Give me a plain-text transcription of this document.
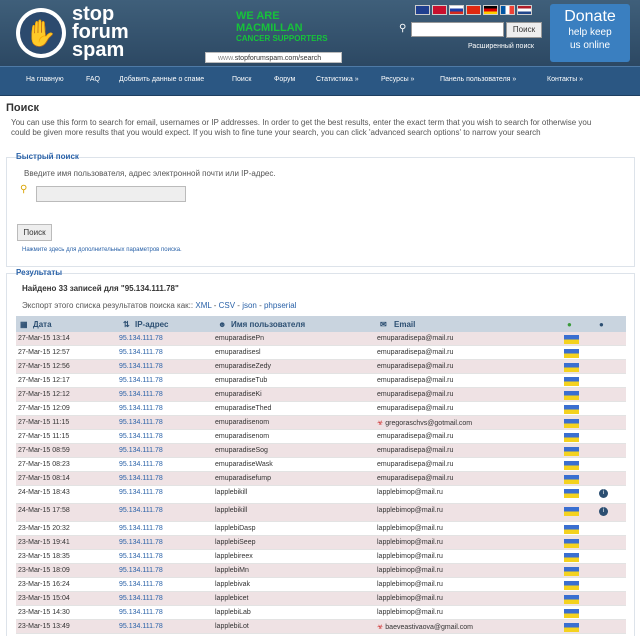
✋
stop
forum
spam
WE ARE
MACMILLAN
CANCER SUPPORTERS
www.stopforumspam.com/search
⚲	Поиск
Расширенный поиск
Donate
help keep
us online
На главную	FAQ	Добавить данные о спаме	Поиск	Форум	Статистика »	Ресурсы »	Панель пользователя »	Контакты »
Поиск
You can use this form to search for email, usernames or IP addresses. In order to get the best results, enter the exact term that you wish to search for otherwise you could be given more results that you would expect. If you wish to fine tune your search, you can click 'advanced search options' to narrow your search
Быстрый поиск
Введите имя пользователя, адрес электронной почти или IP-адрес.
⚲
Поиск
Нажмите здесь для дополнительных параметров поиска.
Результаты
Найдено 33 записей для "95.134.111.78"
Экспорт этого списка результатов поиска как:: XML - CSV - json - phpserial
▦ Дата	⇅ IP-адрес	☻ Имя пользователя	✉ Email	●	●
27-Mar-15 13:14	95.134.111.78	emuparadisePn	emuparadisepa@mail.ru
27-Mar-15 12:57	95.134.111.78	emuparadisesl	emuparadisepa@mail.ru
27-Mar-15 12:56	95.134.111.78	emuparadiseZedy	emuparadisepa@mail.ru
27-Mar-15 12:17	95.134.111.78	emuparadiseTub	emuparadisepa@mail.ru
27-Mar-15 12:12	95.134.111.78	emuparadiseKi	emuparadisepa@mail.ru
27-Mar-15 12:09	95.134.111.78	emuparadiseThed	emuparadisepa@mail.ru
27-Mar-15 11:15	95.134.111.78	emuparadisenom	☣ gregoraschvs@gotmail.com
27-Mar-15 11:15	95.134.111.78	emuparadisenom	emuparadisepa@mail.ru
27-Mar-15 08:59	95.134.111.78	emuparadiseSog	emuparadisepa@mail.ru
27-Mar-15 08:23	95.134.111.78	emuparadiseWask	emuparadisepa@mail.ru
27-Mar-15 08:14	95.134.111.78	emuparadisefump	emuparadisepa@mail.ru
24-Mar-15 18:43	95.134.111.78	lapplebikill	lapplebimop@mail.ru	i
24-Mar-15 17:58	95.134.111.78	lapplebikill	lapplebimop@mail.ru	i
23-Mar-15 20:32	95.134.111.78	lapplebiDasp	lapplebimop@mail.ru
23-Mar-15 19:41	95.134.111.78	lapplebiSeep	lapplebimop@mail.ru
23-Mar-15 18:35	95.134.111.78	lapplebireex	lapplebimop@mail.ru
23-Mar-15 18:09	95.134.111.78	lapplebiMn	lapplebimop@mail.ru
23-Mar-15 16:24	95.134.111.78	lapplebivak	lapplebimop@mail.ru
23-Mar-15 15:04	95.134.111.78	lapplebicet	lapplebimop@mail.ru
23-Mar-15 14:30	95.134.111.78	lapplebiLab	lapplebimop@mail.ru
23-Mar-15 13:49	95.134.111.78	lapplebiLot	☣ baeveastivaova@gmail.com
